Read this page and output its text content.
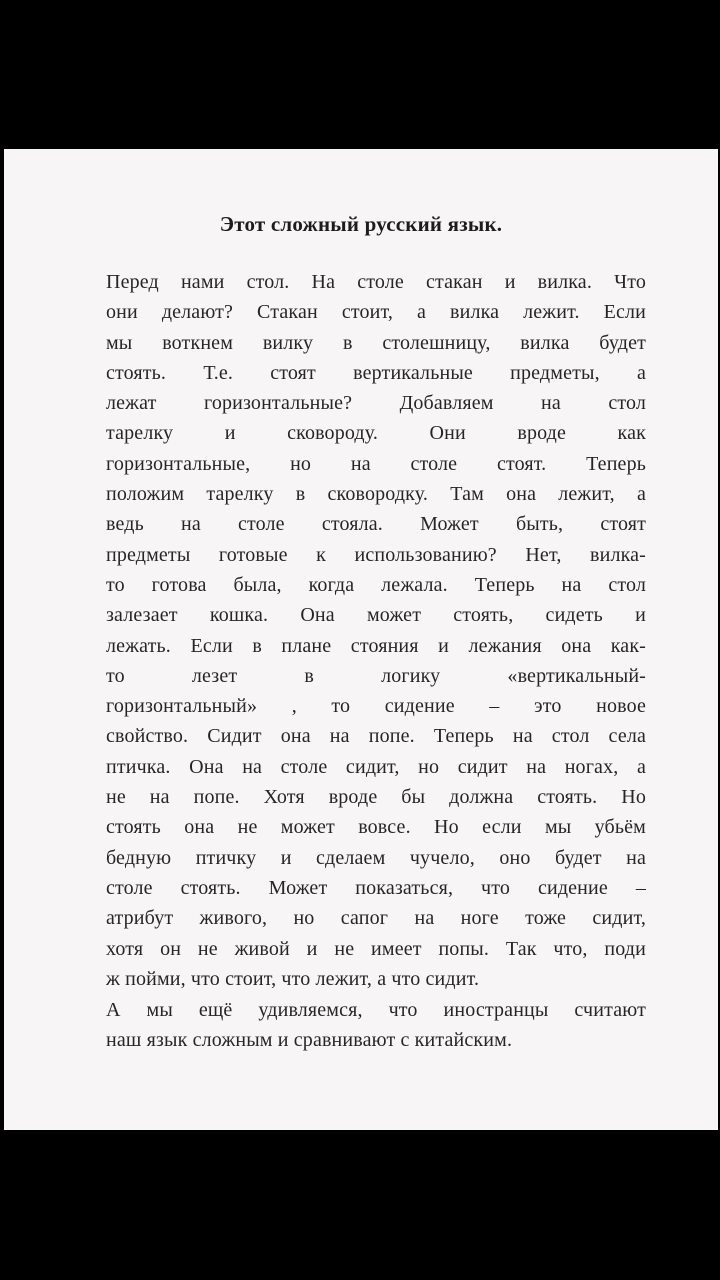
Этот сложный русский язык.
Перед нами стол. На столе стакан и вилка. Что
они делают? Стакан стоит, а вилка лежит. Если
мы воткнем вилку в столешницу, вилка будет
стоять. Т.е. стоят вертикальные предметы, а
лежат горизонтальные? Добавляем на стол
тарелку и сковороду. Они вроде как
горизонтальные, но на столе стоят. Теперь
положим тарелку в сковородку. Там она лежит, а
ведь на столе стояла. Может быть, стоят
предметы готовые к использованию? Нет, вилка-
то готова была, когда лежала. Теперь на стол
залезает кошка. Она может стоять, сидеть и
лежать. Если в плане стояния и лежания она как-
то лезет в логику «вертикальный-
горизонтальный» , то сидение – это новое
свойство. Сидит она на попе. Теперь на стол села
птичка. Она на столе сидит, но сидит на ногах, а
не на попе. Хотя вроде бы должна стоять. Но
стоять она не может вовсе. Но если мы убьём
бедную птичку и сделаем чучело, оно будет на
столе стоять. Может показаться, что сидение –
атрибут живого, но сапог на ноге тоже сидит,
хотя он не живой и не имеет попы. Так что, поди
ж пойми, что стоит, что лежит, а что сидит.
А мы ещё удивляемся, что иностранцы считают
наш язык сложным и сравнивают с китайским.
